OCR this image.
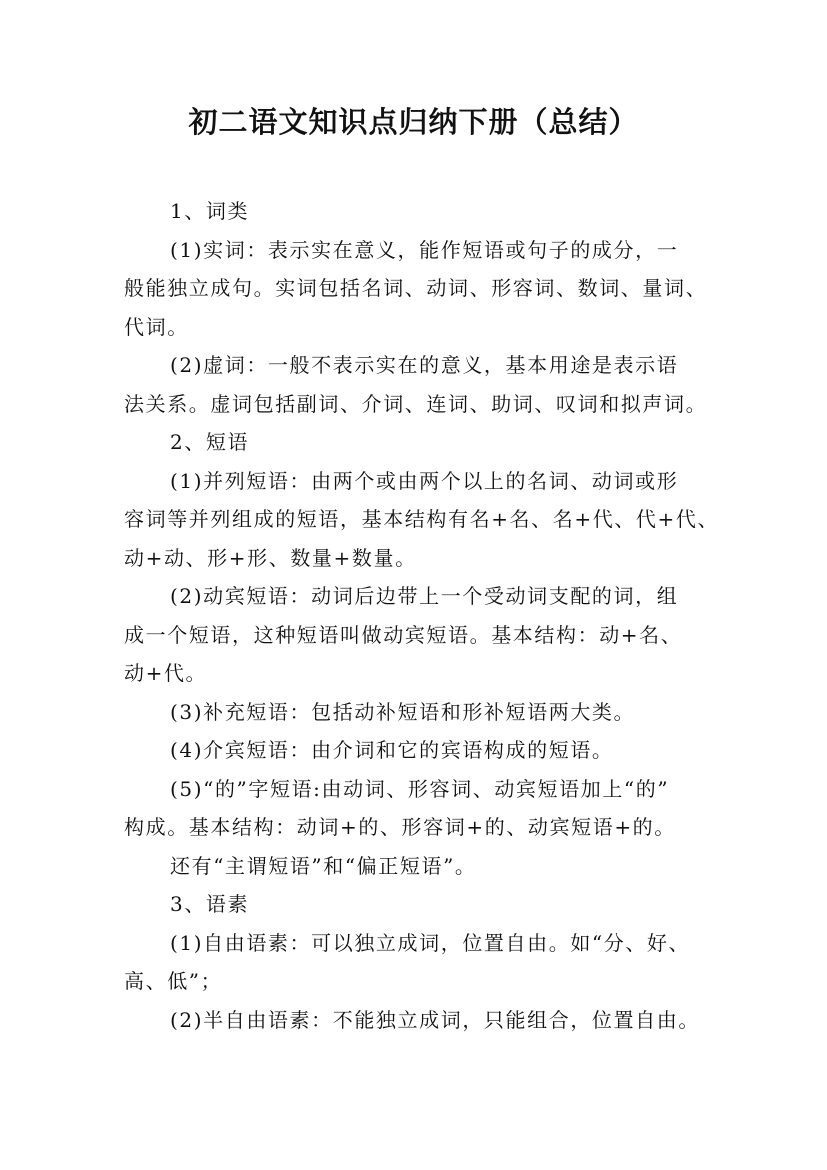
初二语文知识点归纳下册（总结）
1、词类
(1)实词：表示实在意义，能作短语或句子的成分，一
般能独立成句。实词包括名词、动词、形容词、数词、量词、
代词。
(2)虚词：一般不表示实在的意义，基本用途是表示语
法关系。虚词包括副词、介词、连词、助词、叹词和拟声词。
2、短语
(1)并列短语：由两个或由两个以上的名词、动词或形
容词等并列组成的短语，基本结构有名+名、名+代、代+代、
动+动、形+形、数量+数量。
(2)动宾短语：动词后边带上一个受动词支配的词，组
成一个短语，这种短语叫做动宾短语。基本结构：动+名、
动+代。
(3)补充短语：包括动补短语和形补短语两大类。
(4)介宾短语：由介词和它的宾语构成的短语。
(5)“的”字短语:由动词、形容词、动宾短语加上“的”
构成。基本结构：动词+的、形容词+的、动宾短语+的。
还有“主谓短语”和“偏正短语”。
3、语素
(1)自由语素：可以独立成词，位置自由。如“分、好、
高、低”；
(2)半自由语素：不能独立成词，只能组合，位置自由。
